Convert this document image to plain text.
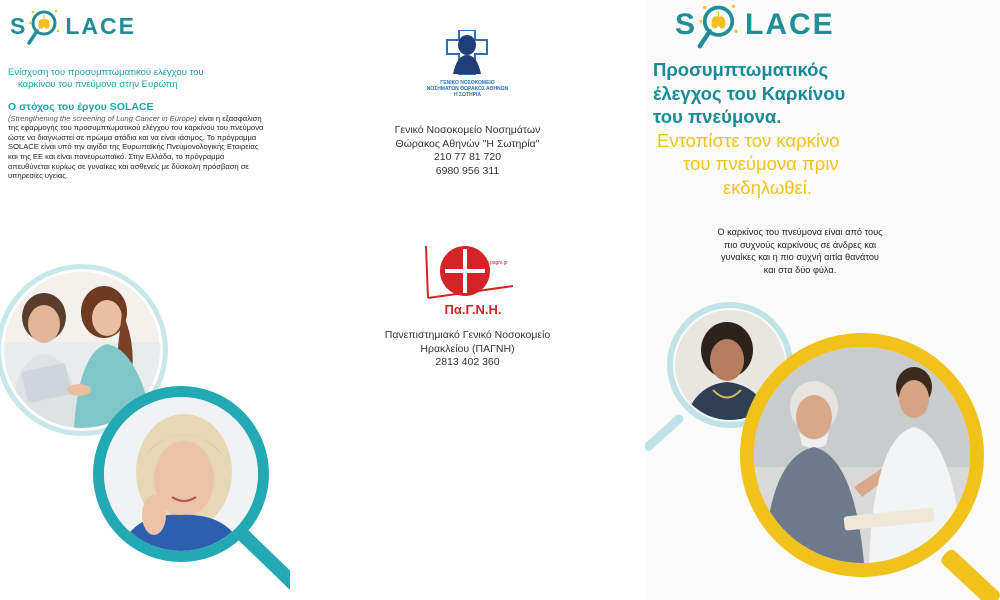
S LACE
Ενίσχυση του προσυμπτωματικού ελέγχου του
καρκίνου του πνεύμονα στην Ευρώπη
Ο στόχος του έργου SOLACE
(Strengthening the screening of Lung Cancer in Europe) είναι η εξασφάλιση της εφαρμογής του προσυμπτωματικού ελέγχου του καρκίνου του πνεύμονα ώστε να διαγνωστεί σε πρώιμα στάδια και να είναι ιάσιμος. Το πρόγραμμα SOLACE είναι υπό την αιγίδα της Ευρωπαϊκής Πνευμονολογικής Εταιρείας και της ΕΕ και είναι πανευρωπαϊκό. Στην Ελλάδα, το πρόγραμμα απευθύνεται κυρίως σε γυναίκες και ασθενείς με δύσκολη πρόσβαση σε υπηρεσίες υγείας.
ΓΕΝΙΚΟ ΝΟΣΟΚΟΜΕΙΟ
ΝΟΣΗΜΑΤΩΝ ΘΩΡΑΚΟΣ ΑΘΗΝΩΝ
Η ΣΩΤΗΡΙΑ
Γενικό Νοσοκομείο Νοσημάτων
Θώρακος Αθηνών "Η Σωτηρία"
210 77 81 720
6980 956 311
www.pagni.gr
Πα.Γ.Ν.Η.
Πανεπιστημιακό Γενικό Νοσοκομείο
Ηρακλείου (ΠΑΓΝΗ)
2813 402 360
S LACE
Προσυμπτωματικός
έλεγχος του Καρκίνου
του πνεύμονα.
Εντοπίστε τον καρκίνο
του πνεύμονα πριν
εκδηλωθεί.
Ο καρκίνος του πνεύμονα είναι από τους
πιο συχνούς καρκίνους σε άνδρες και
γυναίκες και η πιο συχνή αιτία θανάτου
και στα δύο φύλα.
